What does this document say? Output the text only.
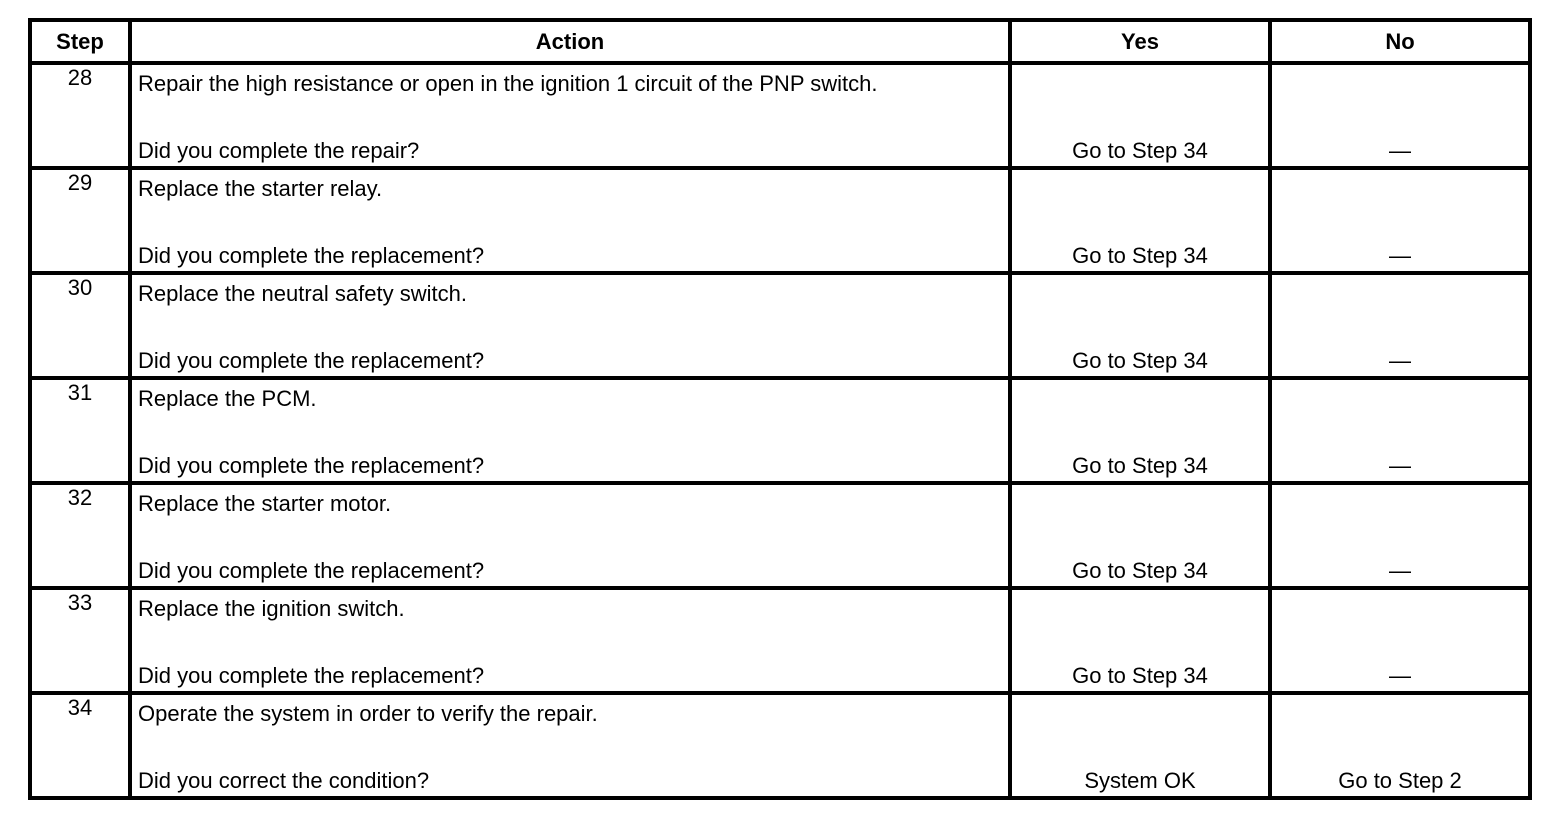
Step	Action	Yes	No
28	Repair the high resistance or open in the ignition 1 circuit of the PNP switch.
Did you complete the repair?	Go to Step 34	—

29	Replace the starter relay.
Did you complete the replacement?	Go to Step 34	—

30	Replace the neutral safety switch.
Did you complete the replacement?	Go to Step 34	—

31	Replace the PCM.
Did you complete the replacement?	Go to Step 34	—

32	Replace the starter motor.
Did you complete the replacement?	Go to Step 34	—

33	Replace the ignition switch.
Did you complete the replacement?	Go to Step 34	—

34	Operate the system in order to verify the repair.
Did you correct the condition?	System OK	Go to Step 2
